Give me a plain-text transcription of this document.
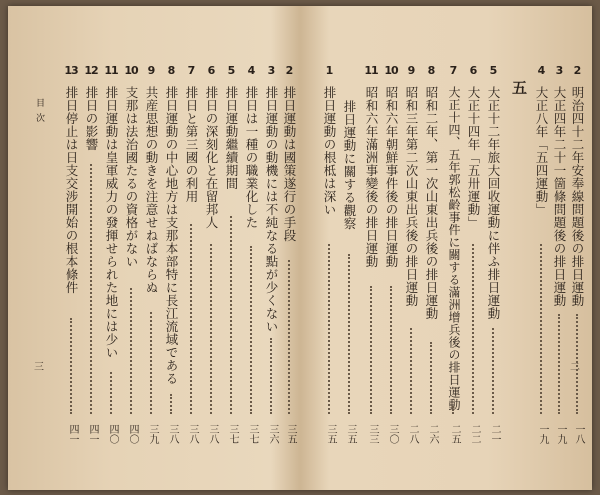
目次
三
13
排日停止は日支交涉開始の根本條件
四一
12
排日の影響
四一
11
排日運動は皇軍威力の發揮せられた地には少い
四〇
10
支那は法治國たるの資格がない
四〇
9
共産思想の動きを注意せねばならぬ
三九
8
排日運動の中心地方は支那本部特に長江流域である
三八
7
排日と第三國の利用
三八
6
排日の深刻化と在留邦人
三八
5
排日運動繼續期間
三七
4
排日は一種の職業化した
三七
3
排日運動の動機には不純なる點が少くない
三六
2
排日運動は國策遂行の手段
三五
二
1
排日運動の根柢は深い
三五
排日運動に關する觀察
三五
11
昭和六年滿洲事變後の排日運動
三三
10
昭和六年朝鮮事件後の排日運動
三〇
9
昭和三年第二次山東出兵後の排日運動
二八
8
昭和二年、第一次山東出兵後の排日運動
二六
7
大正十四、五年郭松齡事件に關する滿洲增兵後の排日運動
二五
6
大正十四年「五卅運動」
二二
5
大正十二年旅大回收運動に伴ふ排日運動
二一
五
4
大正八年「五四運動」
一九
3
大正四年二十一箇條問題後の排日運動
一九
2
明治四十二年安奉線問題後の排日運動
一八
